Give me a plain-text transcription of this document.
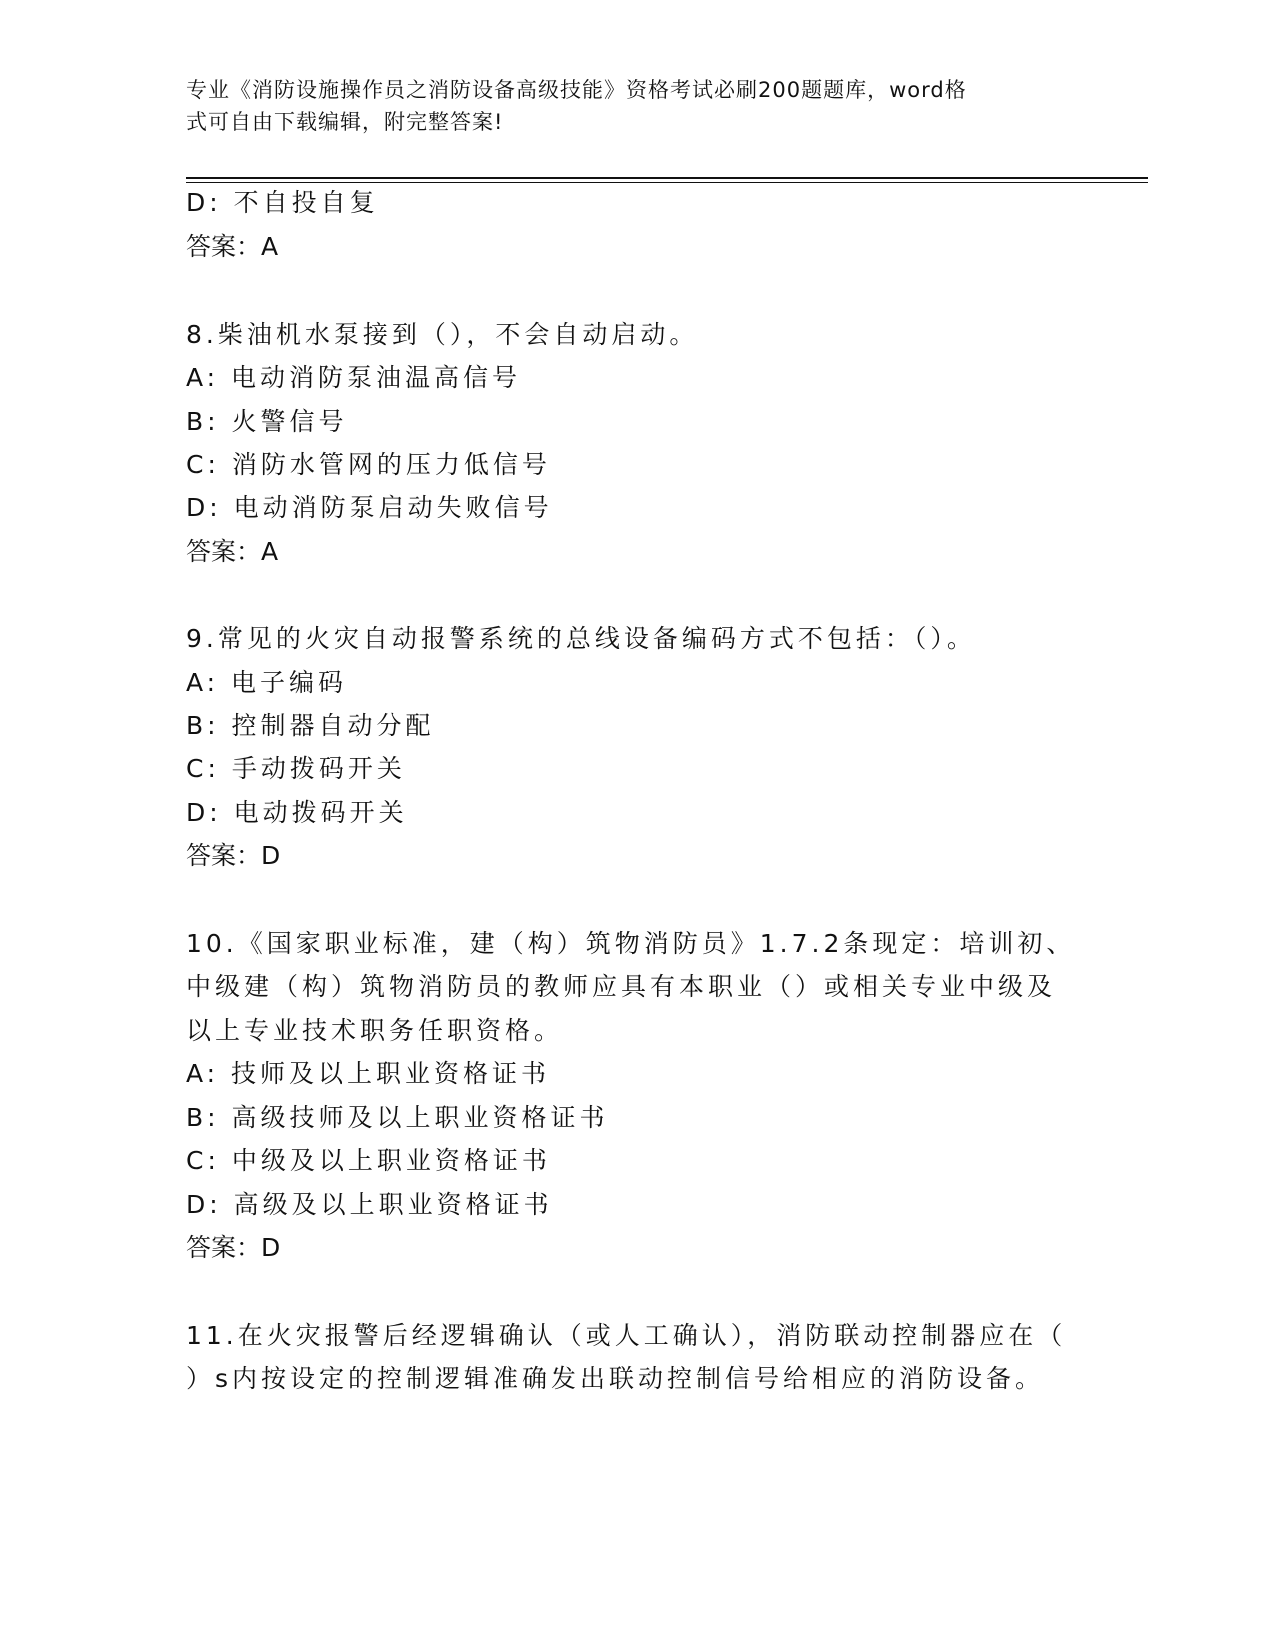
专业《消防设施操作员之消防设备高级技能》资格考试必刷200题题库，word格
式可自由下载编辑，附完整答案!
D: 不自投自复
答案：A
8.柴油机水泵接到（），不会自动启动。
A: 电动消防泵油温高信号
B: 火警信号
C: 消防水管网的压力低信号
D: 电动消防泵启动失败信号
答案：A
9.常见的火灾自动报警系统的总线设备编码方式不包括：（）。
A: 电子编码
B: 控制器自动分配
C: 手动拨码开关
D: 电动拨码开关
答案：D
10.《国家职业标准，建（构）筑物消防员》1.7.2条现定：培训初、
中级建（构）筑物消防员的教师应具有本职业（）或相关专业中级及
以上专业技术职务任职资格。
A: 技师及以上职业资格证书
B: 高级技师及以上职业资格证书
C: 中级及以上职业资格证书
D: 高级及以上职业资格证书
答案：D
11.在火灾报警后经逻辑确认（或人工确认），消防联动控制器应在（
）s内按设定的控制逻辑准确发出联动控制信号给相应的消防设备。
